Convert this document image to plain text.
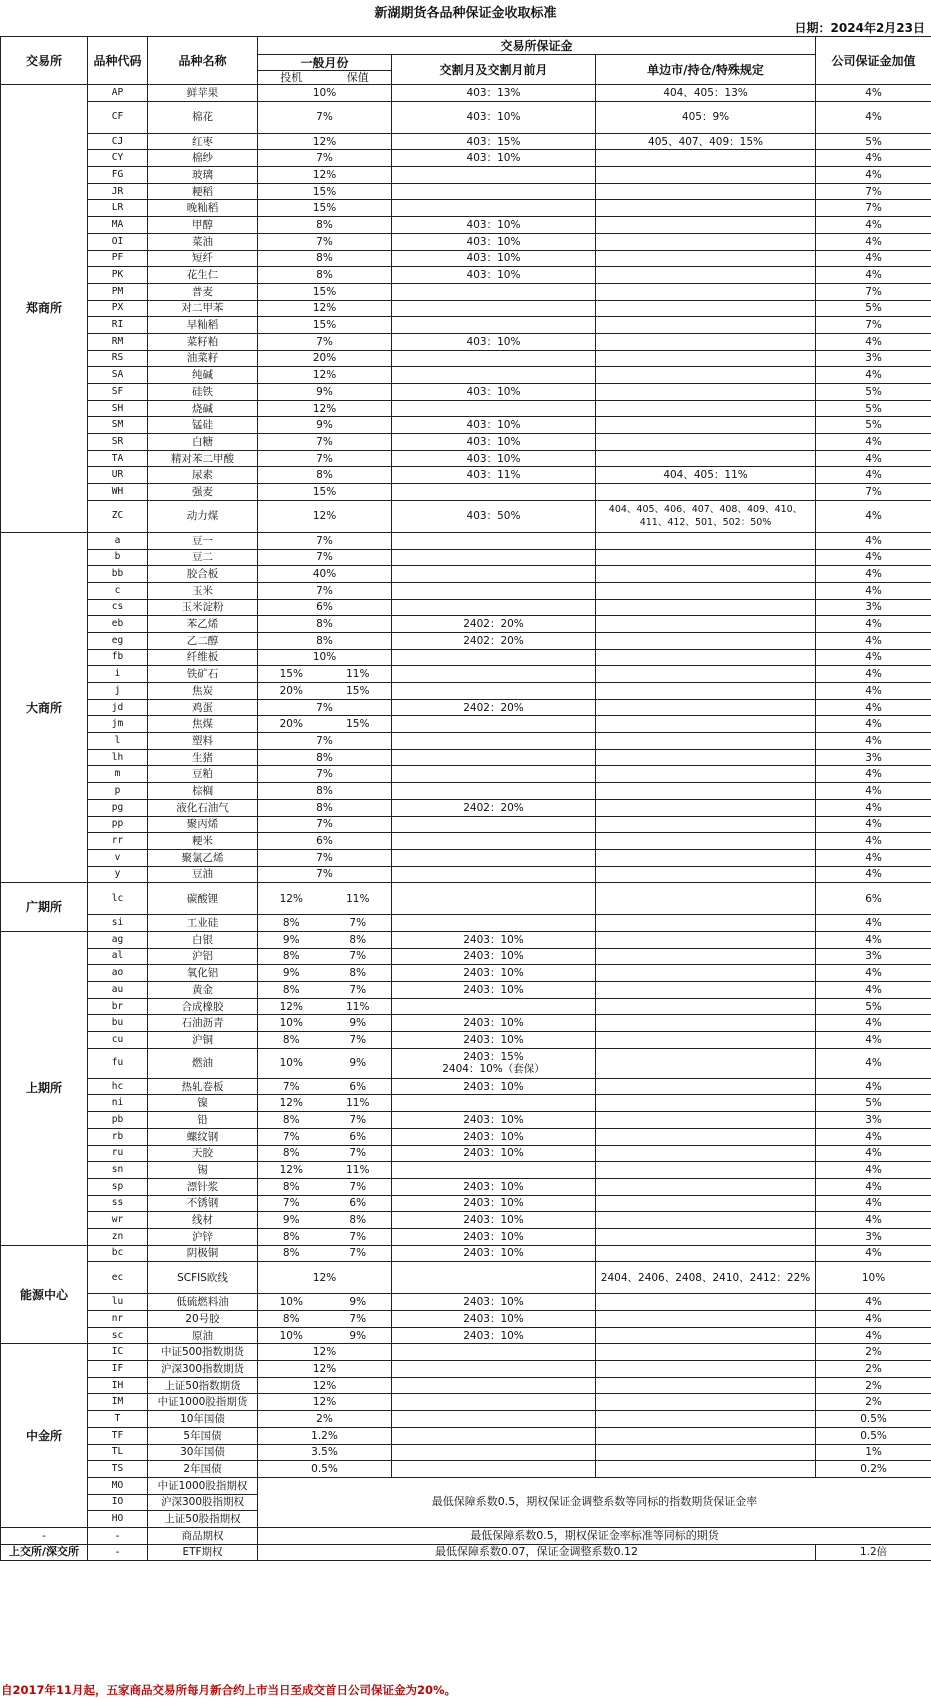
新湖期货各品种保证金收取标准
日期：2024年2月23日
交易所	品种代码	品种名称	交易所保证金				公司保证金加值
			一般月份		交割月及交割月前月	单边市/持仓/特殊规定	
			投机	保值			
郑商所	AP	鲜苹果	10%		403：13%	404、405：13%	4%
	CF	棉花	7%		403：10%	405：9%	4%
	CJ	红枣	12%		403：15%	405、407、409：15%	5%
	CY	棉纱	7%		403：10%		4%
	FG	玻璃	12%				4%
	JR	粳稻	15%				7%
	LR	晚籼稻	15%				7%
	MA	甲醇	8%		403：10%		4%
	OI	菜油	7%		403：10%		4%
	PF	短纤	8%		403：10%		4%
	PK	花生仁	8%		403：10%		4%
	PM	普麦	15%				7%
	PX	对二甲苯	12%				5%
	RI	早籼稻	15%				7%
	RM	菜籽粕	7%		403：10%		4%
	RS	油菜籽	20%				3%
	SA	纯碱	12%				4%
	SF	硅铁	9%		403：10%		5%
	SH	烧碱	12%				5%
	SM	锰硅	9%		403：10%		5%
	SR	白糖	7%		403：10%		4%
	TA	精对苯二甲酸	7%		403：10%		4%
	UR	尿素	8%		403：11%	404、405：11%	4%
	WH	强麦	15%				7%
	ZC	动力煤	12%		403：50%	404、405、406、407、408、409、410、411、412、501、502：50%	4%
大商所	a	豆一	7%				4%
	b	豆二	7%				4%
	bb	胶合板	40%				4%
	c	玉米	7%				4%
	cs	玉米淀粉	6%				3%
	eb	苯乙烯	8%		2402：20%		4%
	eg	乙二醇	8%		2402：20%		4%
	fb	纤维板	10%				4%
	i	铁矿石	15%	11%			4%
	j	焦炭	20%	15%			4%
	jd	鸡蛋	7%		2402：20%		4%
	jm	焦煤	20%	15%			4%
	l	塑料	7%				4%
	lh	生猪	8%				3%
	m	豆粕	7%				4%
	p	棕榈	8%				4%
	pg	液化石油气	8%		2402：20%		4%
	pp	聚丙烯	7%				4%
	rr	粳米	6%				4%
	v	聚氯乙烯	7%				4%
	y	豆油	7%				4%
广期所	lc	碳酸锂	12%	11%			6%
	si	工业硅	8%	7%			4%
上期所	ag	白银	9%	8%	2403：10%		4%
	al	沪铝	8%	7%	2403：10%		3%
	ao	氧化铝	9%	8%	2403：10%		4%
	au	黄金	8%	7%	2403：10%		4%
	br	合成橡胶	12%	11%			5%
	bu	石油沥青	10%	9%	2403：10%		4%
	cu	沪铜	8%	7%	2403：10%		4%
	fu	燃油	10%	9%	2403：15%
2404：10%（套保）		4%
	hc	热轧卷板	7%	6%	2403：10%		4%
	ni	镍	12%	11%			5%
	pb	铅	8%	7%	2403：10%		3%
	rb	螺纹钢	7%	6%	2403：10%		4%
	ru	天胶	8%	7%	2403：10%		4%
	sn	锡	12%	11%			4%
	sp	漂针浆	8%	7%	2403：10%		4%
	ss	不锈钢	7%	6%	2403：10%		4%
	wr	线材	9%	8%	2403：10%		4%
	zn	沪锌	8%	7%	2403：10%		3%
能源中心	bc	阴极铜	8%	7%	2403：10%		4%
	ec	SCFIS欧线	12%			2404、2406、2408、2410、2412：22%	10%
	lu	低硫燃料油	10%	9%	2403：10%		4%
	nr	20号胶	8%	7%	2403：10%		4%
	sc	原油	10%	9%	2403：10%		4%
中金所	IC	中证500指数期货	12%				2%
	IF	沪深300指数期货	12%				2%
	IH	上证50指数期货	12%				2%
	IM	中证1000股指期货	12%				2%
	T	10年国债	2%				0.5%
	TF	5年国债	1.2%				0.5%
	TL	30年国债	3.5%				1%
	TS	2年国债	0.5%				0.2%
	MO	中证1000股指期权	最低保障系数0.5，期权保证金调整系数等同标的指数期货保证金率				
	IO	沪深300股指期权					
	HO	上证50股指期权					
-	-	商品期权	最低保障系数0.5，期权保证金率标准等同标的期货				
上交所/深交所	-	ETF期权	最低保障系数0.07，保证金调整系数0.12				1.2倍
自2017年11月起，五家商品交易所每月新合约上市当日至成交首日公司保证金为20%。
